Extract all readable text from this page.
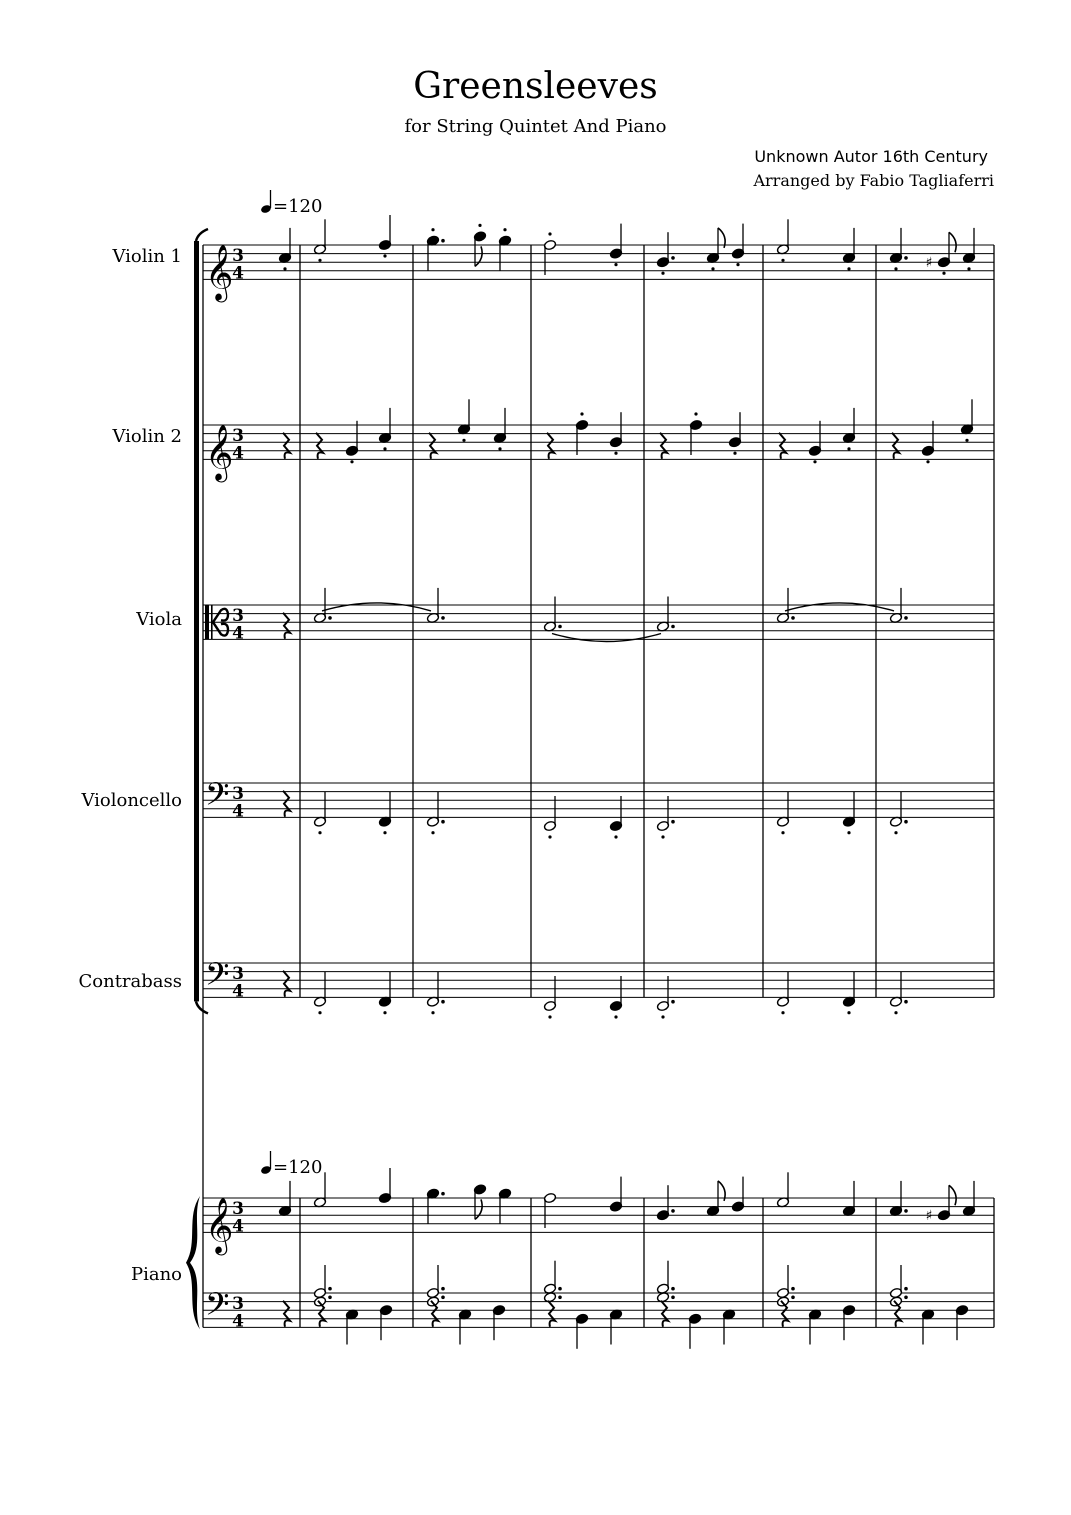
Greensleeves
for String Quintet And Piano
Unknown Autor 16th Century
Arranged by Fabio Tagliaferri
=120
=120
Violin 1
Violin 2
Viola
Violoncello
Contrabass
Piano
𝄞
3
4
𝄞
3
4
3
4
𝄢 3
4
𝄢 3
4
𝄞
3
4
𝄢 3
4
♯
♯
